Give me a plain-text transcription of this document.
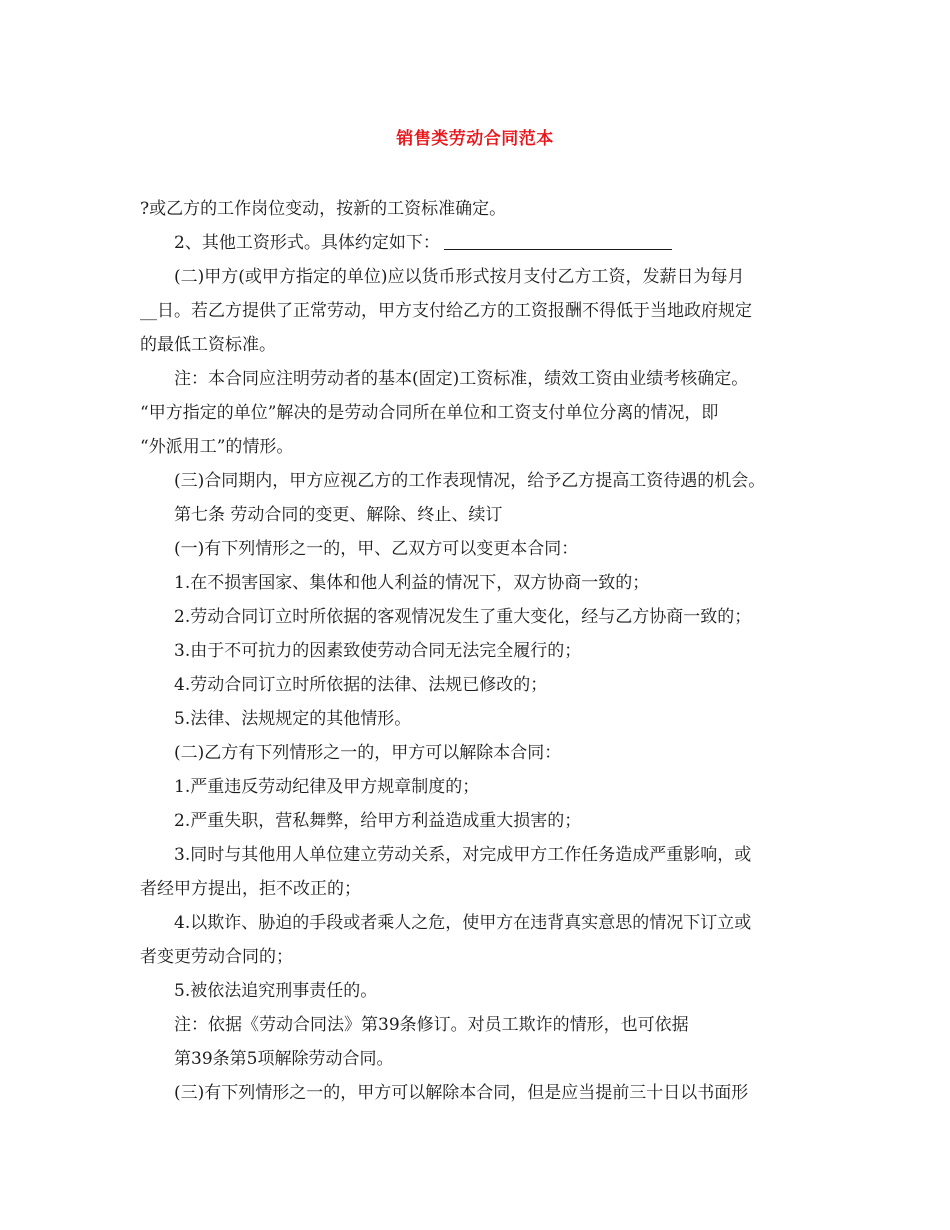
销售类劳动合同范本
?或乙方的工作岗位变动，按新的工资标准确定。
2、其他工资形式。具体约定如下：
(二)甲方(或甲方指定的单位)应以货币形式按月支付乙方工资，发薪日为每月
__日。若乙方提供了正常劳动，甲方支付给乙方的工资报酬不得低于当地政府规定
的最低工资标准。
注：本合同应注明劳动者的基本(固定)工资标准，绩效工资由业绩考核确定。
“甲方指定的单位”解决的是劳动合同所在单位和工资支付单位分离的情况，即
“外派用工”的情形。
(三)合同期内，甲方应视乙方的工作表现情况，给予乙方提高工资待遇的机会。
第七条 劳动合同的变更、解除、终止、续订
(一)有下列情形之一的，甲、乙双方可以变更本合同：
1.在不损害国家、集体和他人利益的情况下，双方协商一致的；
2.劳动合同订立时所依据的客观情况发生了重大变化，经与乙方协商一致的；
3.由于不可抗力的因素致使劳动合同无法完全履行的；
4.劳动合同订立时所依据的法律、法规已修改的；
5.法律、法规规定的其他情形。
(二)乙方有下列情形之一的，甲方可以解除本合同：
1.严重违反劳动纪律及甲方规章制度的；
2.严重失职，营私舞弊，给甲方利益造成重大损害的；
3.同时与其他用人单位建立劳动关系，对完成甲方工作任务造成严重影响，或
者经甲方提出，拒不改正的；
4.以欺诈、胁迫的手段或者乘人之危，使甲方在违背真实意思的情况下订立或
者变更劳动合同的；
5.被依法追究刑事责任的。
注：依据《劳动合同法》第39条修订。对员工欺诈的情形，也可依据
第39条第5项解除劳动合同。
(三)有下列情形之一的，甲方可以解除本合同，但是应当提前三十日以书面形
